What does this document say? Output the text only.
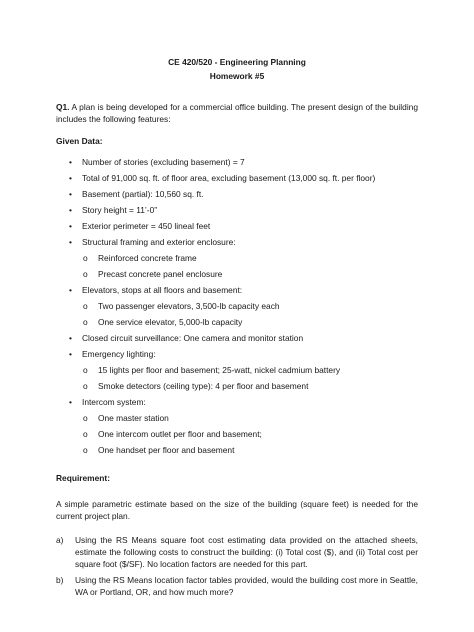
CE 420/520 - Engineering Planning

Homework #5

Q1. A plan is being developed for a commercial office building. The present design of the building includes the following features:

Given Data:

• Number of stories (excluding basement) = 7
• Total of 91,000 sq. ft. of floor area, excluding basement (13,000 sq. ft. per floor)
• Basement (partial): 10,560 sq. ft.
• Story height = 11’-0”
• Exterior perimeter = 450 lineal feet
• Structural framing and exterior enclosure:
o Reinforced concrete frame
o Precast concrete panel enclosure
• Elevators, stops at all floors and basement:
o Two passenger elevators, 3,500-lb capacity each
o One service elevator, 5,000-lb capacity
• Closed circuit surveillance: One camera and monitor station
• Emergency lighting:
o 15 lights per floor and basement; 25-watt, nickel cadmium battery
o Smoke detectors (ceiling type): 4 per floor and basement
• Intercom system:
o One master station
o One intercom outlet per floor and basement;
o One handset per floor and basement

Requirement:

A simple parametric estimate based on the size of the building (square feet) is needed for the current project plan.

a) Using the RS Means square foot cost estimating data provided on the attached sheets, estimate the following costs to construct the building: (i) Total cost ($), and (ii) Total cost per square foot ($/SF). No location factors are needed for this part.
b) Using the RS Means location factor tables provided, would the building cost more in Seattle, WA or Portland, OR, and how much more?
